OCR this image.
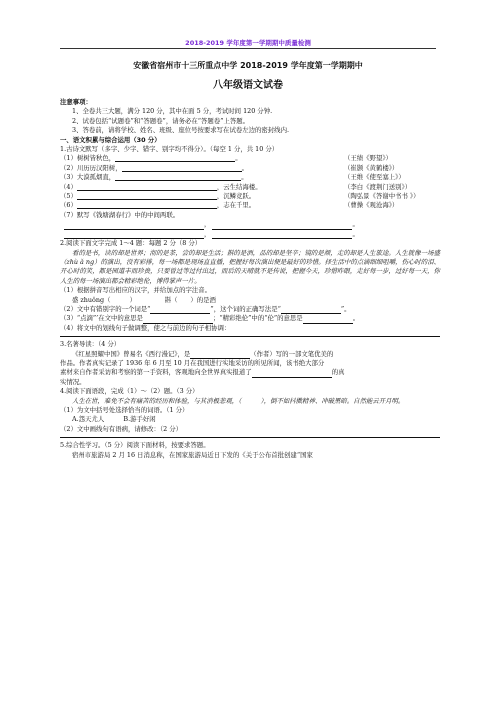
2018-2019 学年度第一学期期中质量检测
安徽省宿州市十三所重点中学 2018-2019 学年度第一学期期中
八年级语文试卷
注意事项：
1、全卷共三大题，满分 120 分，其中在面 5 分，考试时间 120 分钟.
2、试卷包括“试题卷”和“答题卷”，请务必在“答题卷”上答题。
3、答卷前，请将学校、姓名、班级、座位号按要求写在试卷左边的密封线内.
一、语文积累与综合运用（30 分）
1.古诗文默写（多字、少字、错字、别字均不得分）。（每空 1 分，共 10 分）
（1）树树皆秋色，	。	（王绩《野望》）
（2）川历历汉阳树，	。	（崔颢《黄鹤楼》）
（3）大漠孤烟直，	。	（王维《使至塞上》）
（4）	，云生结海楼。	（李白《渡荆门送别》）
（5）	，沉鳞竞跃。	（陶弘景《答谢中书书 》）
（6）	，志在千里。	（曹操《观沧海》）
（7）默写《钱塘湖春行》中的中间两联。
，	。
，	。
2.阅读下面文字完成 1～4 题：每题 2 分（8 分）
看的是书，读的却是世界；沏的是茶，尝的却是生活；斟的是酒，品的却是坚辛；镜的是颜，走的却是人生旅途。人生就像一场盛（zhù ǎ ng）的演出，没有彩排，每一场都是现场直直播，把握好每次演出便是最好的珍惜。择生活中的点滴细细咀嚼，伤心时的泪、开心时的笑，都是园道丰而珍贵，只要曾过等过付出过，而后的天晴就不是传说，把握今天，珍惜昨眼，走好每一步，过好每一天，你人生的每一场演出都会精彩绝伦，博得掌声一片。
（1）根据拼音写出相应的汉字，并给加点的字注音。
盛 zhuǒng（　　　）　　　　　斟（　　）的是酒
（2）文中有错别字的一个词是“	”，这个词的正确写法是“	”。
（3）“点滴”’在文中的意思是	；“精彩绝伦”中的“伦”的意思是	。
（4）将文中的划线句子做调整，使之与前边的句子相协调：
3.名著导读：（4 分）
《红星照耀中国》曾易名《西行漫记》，是	（作者）写的一部文笔优美的
作品。作者真实记录了 1936 年 6 月至 10 月在我国进行实地采访的所见所闻，该书绝大部分
素材来自作者采访和考察的第一手资料，客观地向全世界真实报道了	的真
实情况。
4.阅读下面语段，完成（1）～（2）题。（3 分）
人生在世，难免不会有痛苦的经历和体验，与其消极悲观，（　　　），倒不如抖擞精神、冲破黑暗。自然能云开月明。
（1）为文中括号处选择恰当的词语。（1 分）
A.怨天尤人　　　B.游手好闲
（2）文中画线句有语病，请修改：（2 分）
5.综合性学习。（5 分）阅读下面材料，按要求答题。
宿州市旅游局 2 月 16 日消息称，在国家旅游局近日下发的《关于公布首批创建“国家
